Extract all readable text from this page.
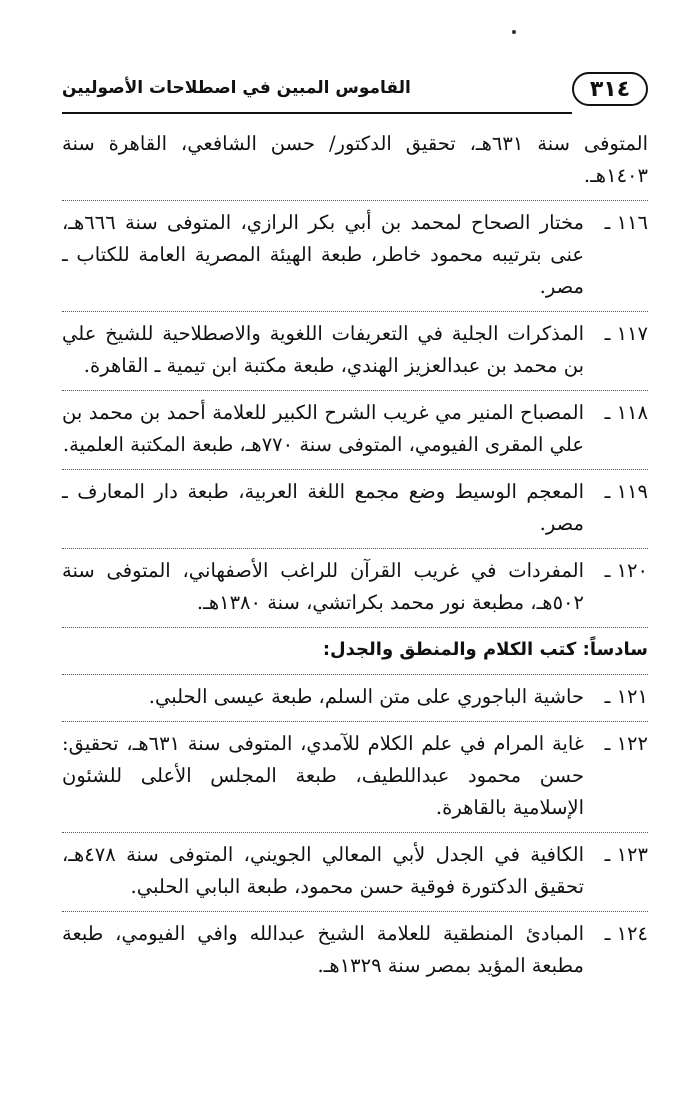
٣١٤
القاموس المبين في اصطلاحات الأصوليين

المتوفى سنة ٦٣١هـ، تحقيق الدكتور/ حسن الشافعي، القاهرة سنة ١٤٠٣هـ.

١١٦ ـ
مختار الصحاح لمحمد بن أبي بكر الرازي، المتوفى سنة ٦٦٦هـ، عنى بترتيبه محمود خاطر، طبعة الهيئة المصرية العامة للكتاب ـ مصر.
١١٧ ـ
المذكرات الجلية في التعريفات اللغوية والاصطلاحية للشيخ علي بن محمد بن عبدالعزيز الهندي، طبعة مكتبة ابن تيمية ـ القاهرة.
١١٨ ـ
المصباح المنير مي غريب الشرح الكبير للعلامة أحمد بن محمد بن علي المقرى الفيومي، المتوفى سنة ٧٧٠هـ، طبعة المكتبة العلمية.
١١٩ ـ
المعجم الوسيط وضع مجمع اللغة العربية، طبعة دار المعارف ـ مصر.
١٢٠ ـ
المفردات في غريب القرآن للراغب الأصفهاني، المتوفى سنة ٥٠٢هـ، مطبعة نور محمد بكراتشي، سنة ١٣٨٠هـ.
سادساً: كتب الكلام والمنطق والجدل:
١٢١ ـ
حاشية الباجوري على متن السلم، طبعة عيسى الحلبي.
١٢٢ ـ
غاية المرام في علم الكلام للآمدي، المتوفى سنة ٦٣١هـ، تحقيق: حسن محمود عبداللطيف، طبعة المجلس الأعلى للشئون الإسلامية بالقاهرة.
١٢٣ ـ
الكافية في الجدل لأبي المعالي الجويني، المتوفى سنة ٤٧٨هـ، تحقيق الدكتورة فوقية حسن محمود، طبعة البابي الحلبي.
١٢٤ ـ
المبادئ المنطقية للعلامة الشيخ عبدالله وافي الفيومي، طبعة مطبعة المؤيد بمصر سنة ١٣٢٩هـ.
